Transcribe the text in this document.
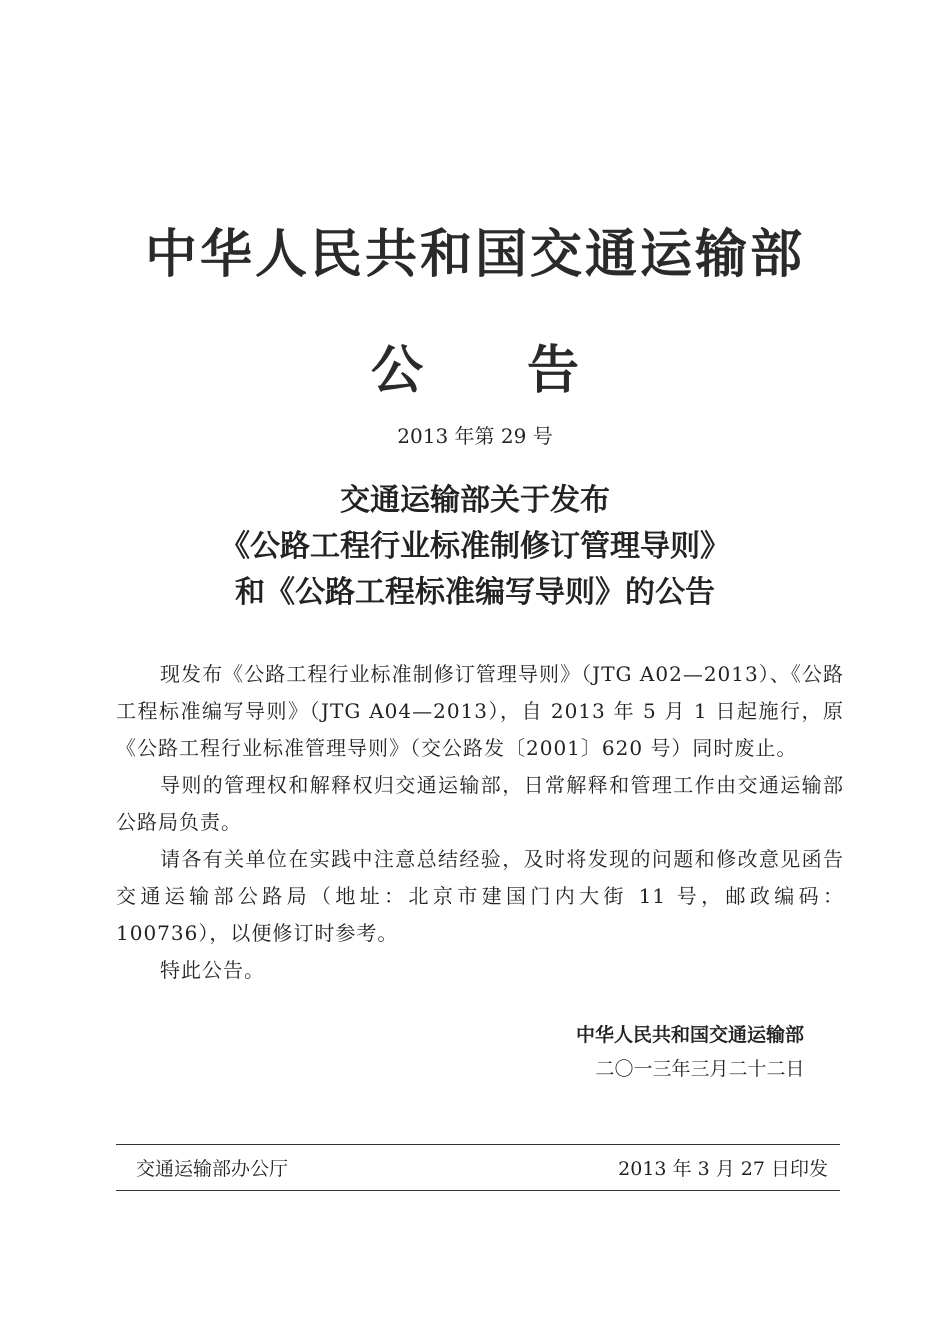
中华人民共和国交通运输部
公 告
2013 年第 29 号
交通运输部关于发布
《公路工程行业标准制修订管理导则》
和《公路工程标准编写导则》的公告

现发布《公路工程行业标准制修订管理导则》（JTG A02—2013）、《公路工程标准编写导则》（JTG A04—2013），自 2013 年 5 月 1 日起施行，原《公路工程行业标准管理导则》（交公路发〔2001〕620 号）同时废止。

导则的管理权和解释权归交通运输部，日常解释和管理工作由交通运输部公路局负责。

请各有关单位在实践中注意总结经验，及时将发现的问题和修改意见函告交通运输部公路局（地址：北京市建国门内大街 11 号，邮政编码：100736），以便修订时参考。

特此公告。

中华人民共和国交通运输部
二〇一三年三月二十二日
交通运输部办公厅	2013 年 3 月 27 日印发
